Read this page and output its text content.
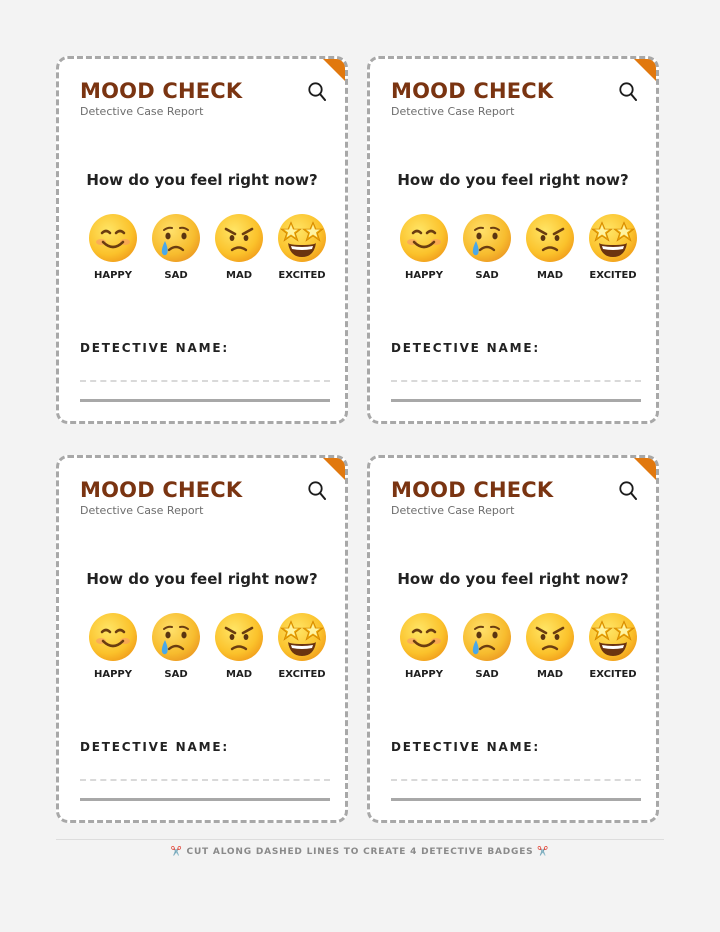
MOOD CHECK
Detective Case Report
How do you feel right now?
HAPPY	SAD	MAD	EXCITED
DETECTIVE NAME:
MOOD CHECK
Detective Case Report
How do you feel right now?
HAPPY	SAD	MAD	EXCITED
DETECTIVE NAME:
MOOD CHECK
Detective Case Report
How do you feel right now?
HAPPY	SAD	MAD	EXCITED
DETECTIVE NAME:
MOOD CHECK
Detective Case Report
How do you feel right now?
HAPPY	SAD	MAD	EXCITED
DETECTIVE NAME:
✂️ CUT ALONG DASHED LINES TO CREATE 4 DETECTIVE BADGES ✂️
